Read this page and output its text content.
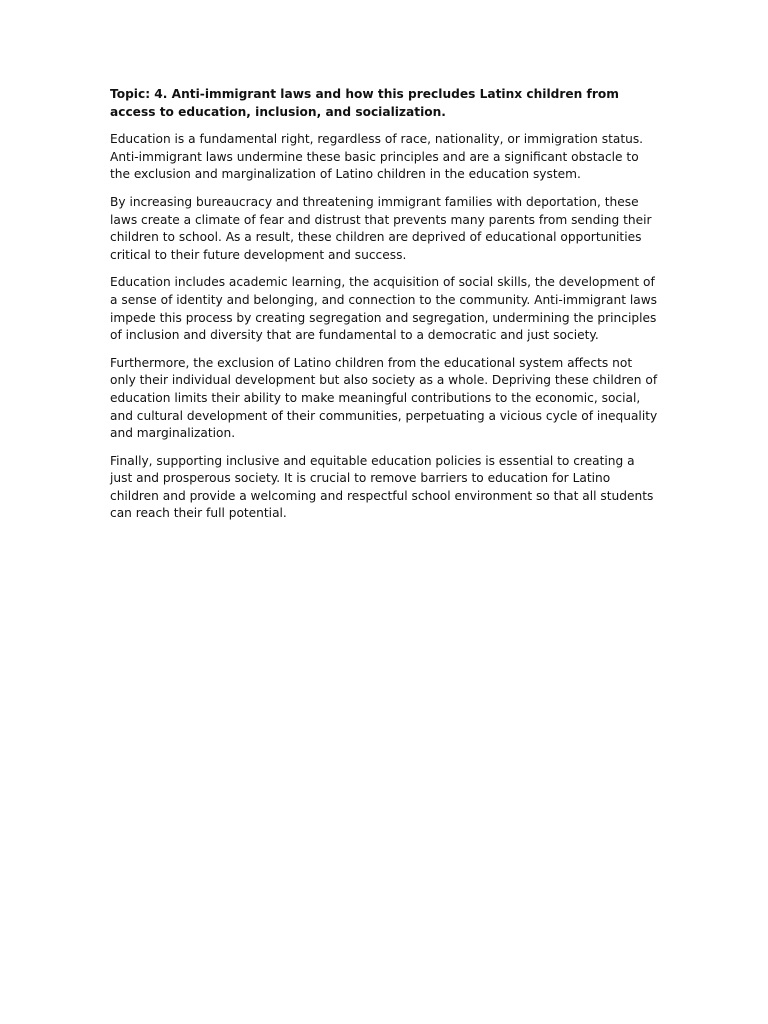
Topic: 4. Anti-immigrant laws and how this precludes Latinx children from access to education, inclusion, and socialization.

Education is a fundamental right, regardless of race, nationality, or immigration status. Anti-immigrant laws undermine these basic principles and are a significant obstacle to the exclusion and marginalization of Latino children in the education system.

By increasing bureaucracy and threatening immigrant families with deportation, these laws create a climate of fear and distrust that prevents many parents from sending their children to school. As a result, these children are deprived of educational opportunities critical to their future development and success.

Education includes academic learning, the acquisition of social skills, the development of a sense of identity and belonging, and connection to the community. Anti-immigrant laws impede this process by creating segregation and segregation, undermining the principles of inclusion and diversity that are fundamental to a democratic and just society.

Furthermore, the exclusion of Latino children from the educational system affects not only their individual development but also society as a whole. Depriving these children of education limits their ability to make meaningful contributions to the economic, social, and cultural development of their communities, perpetuating a vicious cycle of inequality and marginalization.

Finally, supporting inclusive and equitable education policies is essential to creating a just and prosperous society. It is crucial to remove barriers to education for Latino children and provide a welcoming and respectful school environment so that all students can reach their full potential.
